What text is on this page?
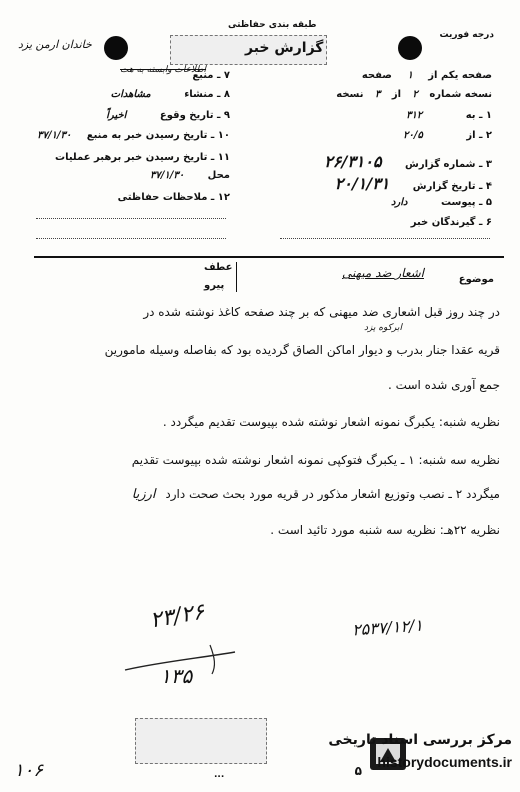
خاندان ارمن یزد
طبقه بندی حفاظتی
گزارش خبر
درجه فوریت
اطلاعات وابسته به هت	صفحه یکم از ۱ صفحه
نسخه شماره ۲ از ۳ نسخه
۱ ـ به ۳۱۲
۲ ـ از ۲۰/۵
۳ ـ شماره گزارش ۲۶/۳۱۰۵
۴ ـ تاریخ گزارش ۲۰/۱/۳۱
۵ ـ پیوست دارد
۶ ـ گیرندگان خبر
۷ ـ منبع
۸ ـ منشاء مشاهدات
۹ ـ تاریخ وقوع اخیراً
۱۰ ـ تاریخ رسیدن خبر به منبع ۳۷/۱/۳۰
۱۱ ـ تاریخ رسیدن خبر برهبر عملیات
محل ۳۷/۱/۳۰
۱۲ ـ ملاحظات حفاظتی
موضوع
اشعار ضد میهنی
عطف
پیرو
ابرکوه یزد
در چند روز قبل اشعاری ضد میهنی که بر چند صفحه کاغذ نوشته شده در
قریه عقدا جنار بدرب و دیوار اماکن الصاق گردیده بود که بفاصله وسیله مامورین
جمع آوری شده است .
نظریه شنبه: یکبرگ نمونه اشعار نوشته شده بپیوست تقدیم میگردد .
نظریه سه شنبه: ۱ ـ یکبرگ فتوکپی نمونه اشعار نوشته شده بپیوست تقدیم
میگردد ۲ ـ نصب وتوزیع اشعار مذکور در قریه مورد بحث صحت دارد ارزیا
نظریه ۲۲هـ: نظریه سه شنبه مورد تائید است .
۲۳/۲۶	۲۵۳۷/۱۲/۱
۱۳۵
۱۰۶	...
مرکز بررسی اسناد تاریخی
historydocuments.ir
۵
